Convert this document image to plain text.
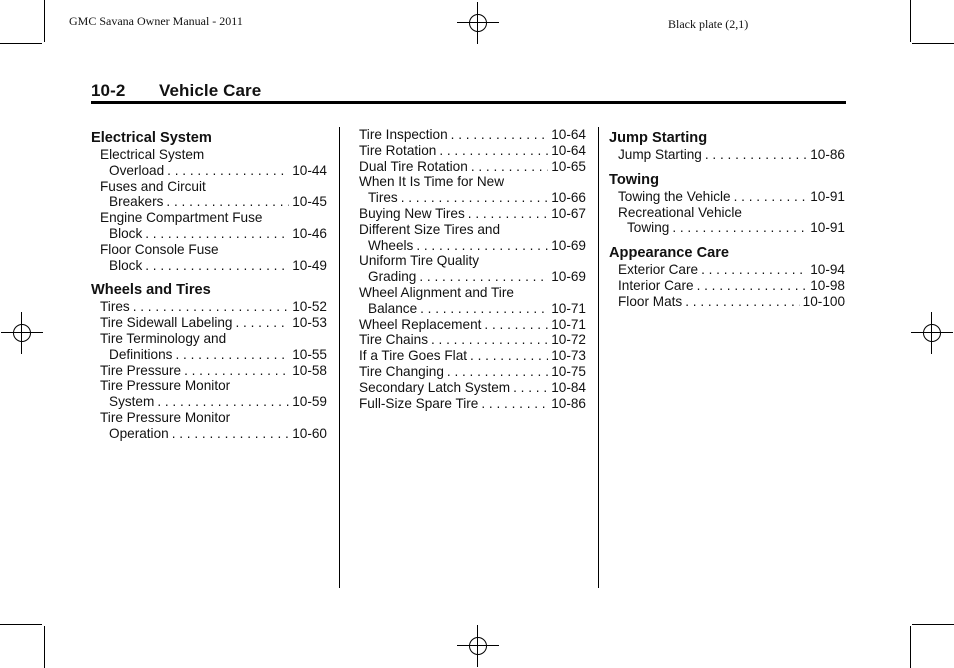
GMC Savana Owner Manual - 2011	Black plate (2,1)
10-2 Vehicle Care
Electrical System
Electrical System
Overload . . .	10-44
Fuses and Circuit
Breakers . . .	10-45
Engine Compartment Fuse
Block . . .	10-46
Floor Console Fuse
Block . . .	10-49
Wheels and Tires
Tires . . .	10-52
Tire Sidewall Labeling . . .	10-53
Tire Terminology and
Definitions . . .	10-55
Tire Pressure . . .	10-58
Tire Pressure Monitor
System . . .	10-59
Tire Pressure Monitor
Operation . . .	10-60
Tire Inspection . . .	10-64
Tire Rotation . . .	10-64
Dual Tire Rotation . . .	10-65
When It Is Time for New
Tires . . .	10-66
Buying New Tires . . .	10-67
Different Size Tires and
Wheels . . .	10-69
Uniform Tire Quality
Grading . . .	10-69
Wheel Alignment and Tire
Balance . . .	10-71
Wheel Replacement . . .	10-71
Tire Chains . . .	10-72
If a Tire Goes Flat . . .	10-73
Tire Changing . . .	10-75
Secondary Latch System . . .	10-84
Full-Size Spare Tire . . .	10-86
Jump Starting
Jump Starting . . .	10-86
Towing
Towing the Vehicle . . .	10-91
Recreational Vehicle
Towing . . .	10-91
Appearance Care
Exterior Care . . .	10-94
Interior Care . . .	10-98
Floor Mats . . .	10-100
